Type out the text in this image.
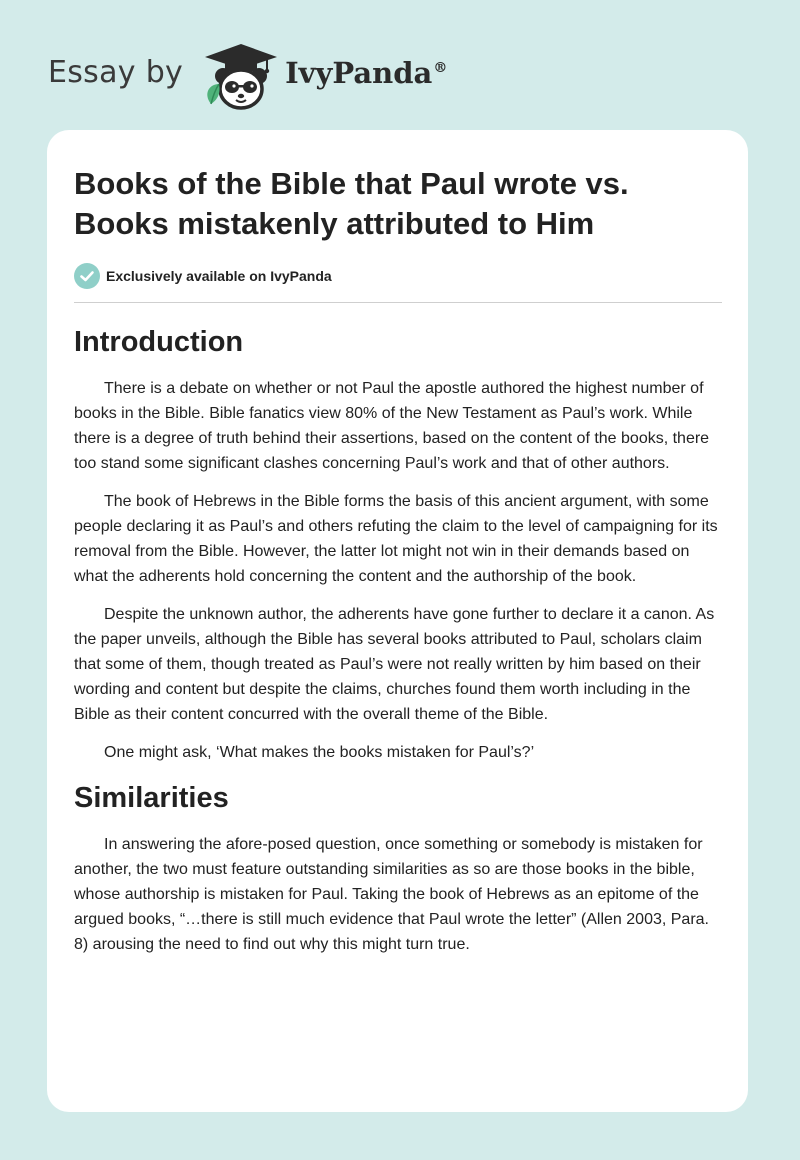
Essay by	IvyPanda®
Books of the Bible that Paul wrote vs. Books mistakenly attributed to Him
Exclusively available on IvyPanda
Introduction

There is a debate on whether or not Paul the apostle authored the highest number of books in the Bible. Bible fanatics view 80% of the New Testament as Paul’s work. While there is a degree of truth behind their assertions, based on the content of the books, there too stand some significant clashes concerning Paul’s work and that of other authors.

The book of Hebrews in the Bible forms the basis of this ancient argument, with some people declaring it as Paul’s and others refuting the claim to the level of campaigning for its removal from the Bible. However, the latter lot might not win in their demands based on what the adherents hold concerning the content and the authorship of the book.

Despite the unknown author, the adherents have gone further to declare it a canon. As the paper unveils, although the Bible has several books attributed to Paul, scholars claim that some of them, though treated as Paul’s were not really written by him based on their wording and content but despite the claims, churches found them worth including in the Bible as their content concurred with the overall theme of the Bible.

One might ask, ‘What makes the books mistaken for Paul’s?’

Similarities

In answering the afore-posed question, once something or somebody is mistaken for another, the two must feature outstanding similarities as so are those books in the bible, whose authorship is mistaken for Paul. Taking the book of Hebrews as an epitome of the argued books, “…there is still much evidence that Paul wrote the letter” (Allen 2003, Para. 8) arousing the need to find out why this might turn true.
